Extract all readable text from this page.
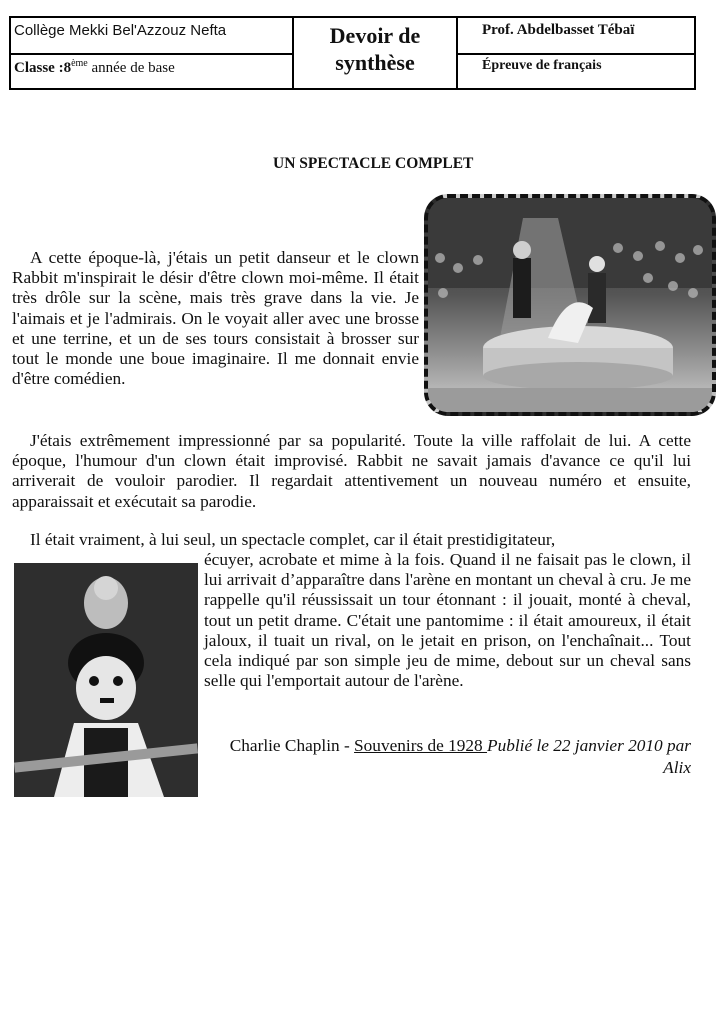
Collège Mekki Bel'Azzouz Nefta
Classe :8ème année de base
Devoir de
synthèse
Prof. Abdelbasset Tébaï
Épreuve de français
UN SPECTACLE COMPLET
A cette époque-là, j'étais un petit danseur et le clown Rabbit m'inspirait le désir d'être clown moi-même. Il était très drôle sur la scène, mais très grave dans la vie. Je l'aimais et je l'admirais. On le voyait aller avec une brosse et une terrine, et un de ses tours consistait à brosser sur tout le monde une boue imaginaire. Il me donnait envie d'être comédien.
J'étais extrêmement impressionné par sa popularité. Toute la ville raffolait de lui. A cette époque, l'humour d'un clown était improvisé. Rabbit ne savait jamais d'avance ce qu'il lui arriverait de vouloir parodier. Il regardait attentivement un nouveau numéro et ensuite, apparaissait et exécutait sa parodie.
Il était vraiment, à lui seul, un spectacle complet, car il était prestidigitateur,
écuyer, acrobate et mime à la fois. Quand il ne faisait pas le clown, il lui arrivait d’apparaître dans l'arène en montant un cheval à cru. Je me rappelle qu'il réussissait un tour étonnant : il jouait, monté à cheval, tout un petit drame. C'était une pantomime : il était amoureux, il était jaloux, il tuait un rival, on le jetait en prison, on l'enchaînait... Tout cela indiqué par son simple jeu de mime, debout sur un cheval sans selle qui l'emportait autour de l'arène.
Charlie Chaplin - Souvenirs de 1928 Publié le 22 janvier 2010 par Alix
